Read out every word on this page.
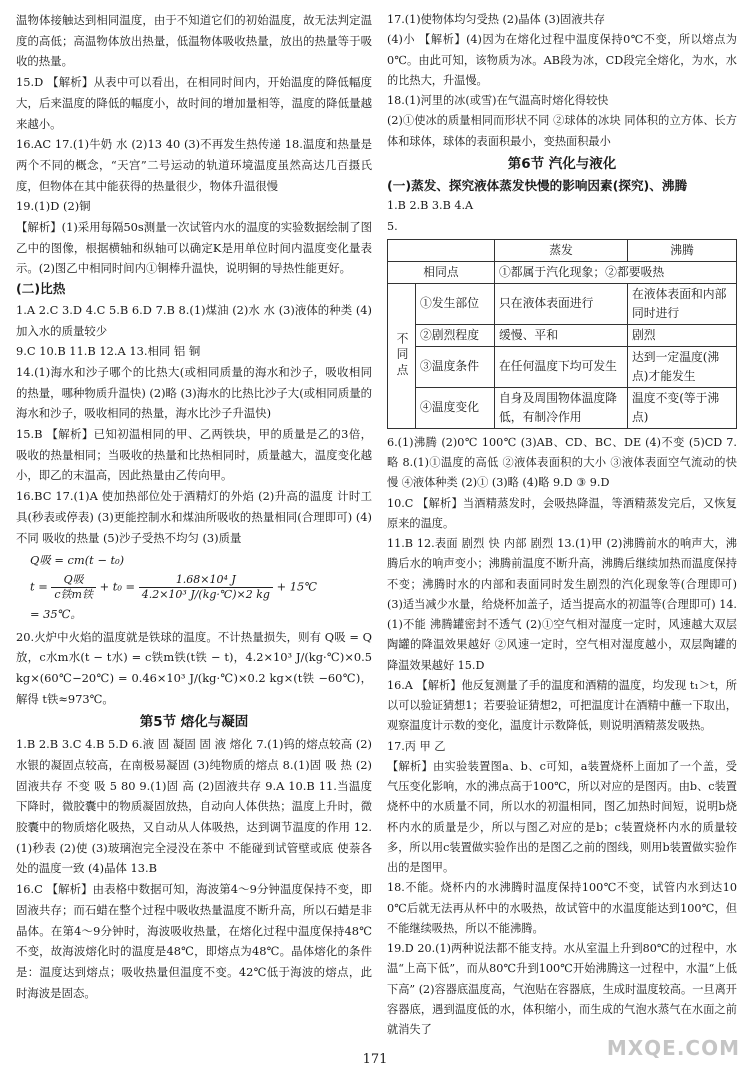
温物体接触达到相同温度，由于不知道它们的初始温度，故无法判定温度的高低；高温物体放出热量，低温物体吸收热量，放出的热量等于吸收的热量。

15.D 【解析】从表中可以看出，在相同时间内，开始温度的降低幅度大，后来温度的降低的幅度小，故时间的增加量相等，温度的降低量越来越小。

16.AC 17.(1)牛奶 水 (2)13 40 (3)不再发生热传递 18.温度和热量是两个不同的概念，“天宫”二号运动的轨道环境温度虽然高达几百摄氏度，但物体在其中能获得的热量很少，物体升温很慢

19.(1)D (2)铜

【解析】(1)采用每隔50s测量一次试管内水的温度的实验数据绘制了图乙中的图像，根据横轴和纵轴可以确定K是用单位时间内温度变化量表示。(2)图乙中相同时间内①铜棒升温快，说明铜的导热性能更好。

(二)比热

1.A 2.C 3.D 4.C 5.B 6.D 7.B 8.(1)煤油 (2)水 水 (3)液体的种类 (4)加入水的质量较少

9.C 10.B 11.B 12.A 13.相同 铝 铜

14.(1)海水和沙子哪个的比热大(或相同质量的海水和沙子，吸收相同的热量，哪种物质升温快) (2)略 (3)海水的比热比沙子大(或相同质量的海水和沙子，吸收相同的热量，海水比沙子升温快)

15.B 【解析】已知初温相同的甲、乙两铁块，甲的质量是乙的3倍，吸收的热量相同；当吸收的热量和比热相同时，质量越大，温度变化越小，即乙的末温高，因此热量由乙传向甲。

16.BC 17.(1)A 使加热部位处于酒精灯的外焰 (2)升高的温度 计时工具(秒表或停表) (3)更能控制水和煤油所吸收的热量相同(合理即可) (4)不同 吸收的热量 (5)沙子受热不均匀 (3)质量

Q吸 = cm(t − t₀)
$t = \frac{\text{Q吸}}{\text{c铁m铁}} + t_0 = \frac{\text{1.68×10⁴ J}}{\text{4.2×10³ J/(kg·℃)×2 kg}}$ + 15℃
= 35℃。

20.火炉中火焰的温度就是铁球的温度。不计热量损失，则有 Q吸 = Q放，c水m水(t − t水) = c铁m铁(t铁 − t)，4.2×10³ J/(kg·℃)×0.5 kg×(60℃−20℃) = 0.46×10³ J/(kg·℃)×0.2 kg×(t铁 −60℃)，解得 t铁≈973℃。

第5节 熔化与凝固

1.B 2.B 3.C 4.B 5.D 6.液 固 凝固 固 液 熔化 7.(1)钨的熔点较高 (2)水银的凝固点较高，在南极易凝固 (3)纯物质的熔点 8.(1)固 吸 热 (2)固液共存 不变 吸 5 80 9.(1)固 高 (2)固液共存 9.A 10.B 11.当温度下降时，微胶囊中的物质凝固放热，自动向人体供热；温度上升时，微胶囊中的物质熔化吸热，又自动从人体吸热，达到调节温度的作用 12.(1)秒表 (2)使 (3)玻璃泡完全浸没在茶中 不能碰到试管壁或底 使萘各处的温度一致 (4)晶体 13.B

16.C 【解析】由表格中数据可知，海波第4～9分钟温度保持不变，即固液共存；而石蜡在整个过程中吸收热量温度不断升高，所以石蜡是非晶体。在第4～9分钟时，海波吸收热量，在熔化过程中温度保持48℃不变，故海波熔化时的温度是48℃，即熔点为48℃。晶体熔化的条件是：温度达到熔点；吸收热量但温度不变。42℃低于海波的熔点，此时海波是固态。

17.(1)使物体均匀受热 (2)晶体 (3)固液共存

(4)小 【解析】(4)因为在熔化过程中温度保持0℃不变，所以熔点为0℃。由此可知，该物质为冰。AB段为冰，CD段完全熔化，为水，水的比热大，升温慢。

18.(1)河里的冰(或雪)在气温高时熔化得较快

(2)①使冰的质量相同而形状不同 ②球体的冰块 同体积的立方体、长方体和球体，球体的表面积最小，变热面积最小

第6节 汽化与液化

(一)蒸发、探究液体蒸发快慢的影响因素(探究)、沸腾

1.B 2.B 3.B 4.A

5.

		蒸发	沸腾
相同点		①都属于汽化现象；②都要吸热	
不同点	①发生部位	只在液体表面进行	在液体表面和内部同时进行
	②剧烈程度	缓慢、平和	剧烈
	③温度条件	在任何温度下均可发生	达到一定温度(沸点)才能发生
	④温度变化	自身及周围物体温度降低，有制冷作用	温度不变(等于沸点)

6.(1)沸腾 (2)0℃ 100℃ (3)AB、CD、BC、DE (4)不变 (5)CD 7.略 8.(1)①温度的高低 ②液体表面积的大小 ③液体表面空气流动的快慢 ④液体种类 (2)① (3)略 (4)略 9.D ③ 9.D

10.C 【解析】当酒精蒸发时，会吸热降温，等酒精蒸发完后，又恢复原来的温度。

11.B 12.表面 剧烈 快 内部 剧烈 13.(1)甲 (2)沸腾前水的响声大，沸腾后水的响声变小；沸腾前温度不断升高，沸腾后继续加热而温度保持不变；沸腾时水的内部和表面同时发生剧烈的汽化现象等(合理即可) (3)适当减少水量，给烧杯加盖子，适当提高水的初温等(合理即可) 14.(1)不能 沸腾罐密封不透气 (2)①空气相对湿度一定时，风速越大双层陶罐的降温效果越好 ②风速一定时，空气相对湿度越小，双层陶罐的降温效果越好 15.D

16.A 【解析】他反复测量了手的温度和酒精的温度，均发现 t₁＞t，所以可以验证猜想1；若要验证猜想2，可把温度计在酒精中蘸一下取出，观察温度计示数的变化，温度计示数降低，则说明酒精蒸发吸热。

17.丙 甲 乙

【解析】由实验装置图a、b、c可知，a装置烧杯上面加了一个盖，受气压变化影响，水的沸点高于100℃，所以对应的是图丙。由b、c装置烧杯中的水质量不同，所以水的初温相同，图乙加热时间短，说明b烧杯内水的质量是少，所以与图乙对应的是b；c装置烧杯内水的质量较多，所以用c装置做实验作出的是图乙之前的图线，则用b装置做实验作出的是图甲。

18.不能。烧杯内的水沸腾时温度保持100℃不变，试管内水到达100℃后就无法再从杯中的水吸热，故试管中的水温度能达到100℃，但不能继续吸热，所以不能沸腾。

19.D 20.(1)两种说法都不能支持。水从室温上升到80℃的过程中，水温“上高下低”，而从80℃升到100℃开始沸腾这一过程中，水温“上低下高” (2)容器底温度高，气泡贴在容器底，生成时温度较高。一旦离开容器底，遇到温度低的水，体积缩小，而生成的气泡水蒸气在水面之前就消失了

171	MXQE.COM
